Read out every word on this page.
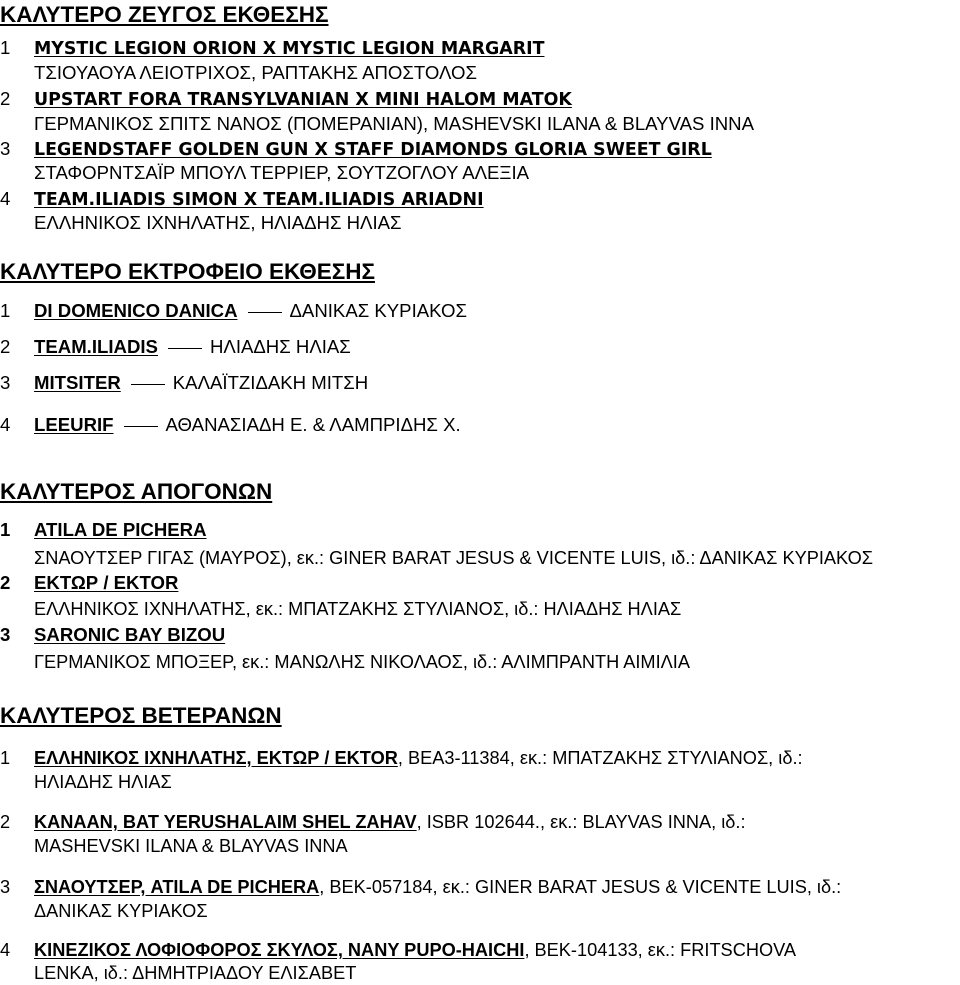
ΚΑΛΥΤΕΡΟ ΖΕΥΓΟΣ ΕΚΘΕΣΗΣ
1 MYSTIC LEGION ORION X MYSTIC LEGION MARGARIT
ΤΣΙΟΥΑΟΥΑ ΛΕΙΟΤΡΙΧΟΣ, ΡΑΠΤΑΚΗΣ ΑΠΟΣΤΟΛΟΣ
2 UPSTART FORA TRANSYLVANIAN X MINI HALOM MATOK
ΓΕΡΜΑΝΙΚΟΣ ΣΠΙΤΣ ΝΑΝΟΣ (ΠΟΜΕΡΑΝΙΑΝ), MASHEVSKI ILANA & BLAYVAS INNA
3 LEGENDSTAFF GOLDEN GUN X STAFF DIAMONDS GLORIA SWEET GIRL
ΣΤΑΦΟΡΝΤΣΑΪΡ ΜΠΟΥΛ ΤΕΡΡΙΕΡ, ΣΟΥΤΖΟΓΛΟΥ ΑΛΕΞΙΑ
4 TEAM.ILIADIS SIMON X TEAM.ILIADIS ARIADNI
ΕΛΛΗΝΙΚΟΣ ΙΧΝΗΛΑΤΗΣ, ΗΛΙΑΔΗΣ ΗΛΙΑΣ
ΚΑΛΥΤΕΡΟ ΕΚΤΡΟΦΕΙΟ ΕΚΘΕΣΗΣ
1 DI DOMENICO DANICA	ΔΑΝΙΚΑΣ ΚΥΡΙΑΚΟΣ
2 TEAM.ILIADIS	ΗΛΙΑΔΗΣ ΗΛΙΑΣ
3 MITSITER	ΚΑΛΑΪΤΖΙΔΑΚΗ ΜΙΤΣΗ
4 LEEURIF	ΑΘΑΝΑΣΙΑΔΗ Ε. & ΛΑΜΠΡΙΔΗΣ Χ.
ΚΑΛΥΤΕΡΟΣ ΑΠΟΓΟΝΩΝ
1 ATILA DE PICHERA
ΣΝΑΟΥΤΣΕΡ ΓΙΓΑΣ (ΜΑΥΡΟΣ), εκ.: GINER BARAT JESUS & VICENTE LUIS, ιδ.: ΔΑΝΙΚΑΣ ΚΥΡΙΑΚΟΣ
2 ΕΚΤΩΡ / EKTOR
ΕΛΛΗΝΙΚΟΣ ΙΧΝΗΛΑΤΗΣ, εκ.: ΜΠΑΤΖΑΚΗΣ ΣΤΥΛΙΑΝΟΣ, ιδ.: ΗΛΙΑΔΗΣ ΗΛΙΑΣ
3 SARONIC BAY BIZOU
ΓΕΡΜΑΝΙΚΟΣ ΜΠΟΞΕΡ, εκ.: ΜΑΝΩΛΗΣ ΝΙΚΟΛΑΟΣ, ιδ.: ΑΛΙΜΠΡΑΝΤΗ ΑΙΜΙΛΙΑ
ΚΑΛΥΤΕΡΟΣ ΒΕΤΕΡΑΝΩΝ
1 ΕΛΛΗΝΙΚΟΣ ΙΧΝΗΛΑΤΗΣ, ΕΚΤΩΡ / EKTOR, ΒΕΑ3-11384, εκ.: ΜΠΑΤΖΑΚΗΣ ΣΤΥΛΙΑΝΟΣ, ιδ.:
ΗΛΙΑΔΗΣ ΗΛΙΑΣ
2 KANAAN, BAT YERUSHALAIM SHEL ZAHAV, ISBR 102644., εκ.: BLAYVAS INNA, ιδ.:
MASHEVSKI ILANA & BLAYVAS INNA
3 ΣΝΑΟΥΤΣΕΡ, ATILA DE PICHERA, ΒΕΚ-057184, εκ.: GINER BARAT JESUS & VICENTE LUIS, ιδ.:
ΔΑΝΙΚΑΣ ΚΥΡΙΑΚΟΣ
4 ΚΙΝΕΖΙΚΟΣ ΛΟΦΙΟΦΟΡΟΣ ΣΚΥΛΟΣ, NANY PUPO-HAICHI, ΒΕΚ-104133, εκ.: FRITSCHOVA
LENKA, ιδ.: ΔΗΜΗΤΡΙΑΔΟΥ ΕΛΙΣΑΒΕΤ
